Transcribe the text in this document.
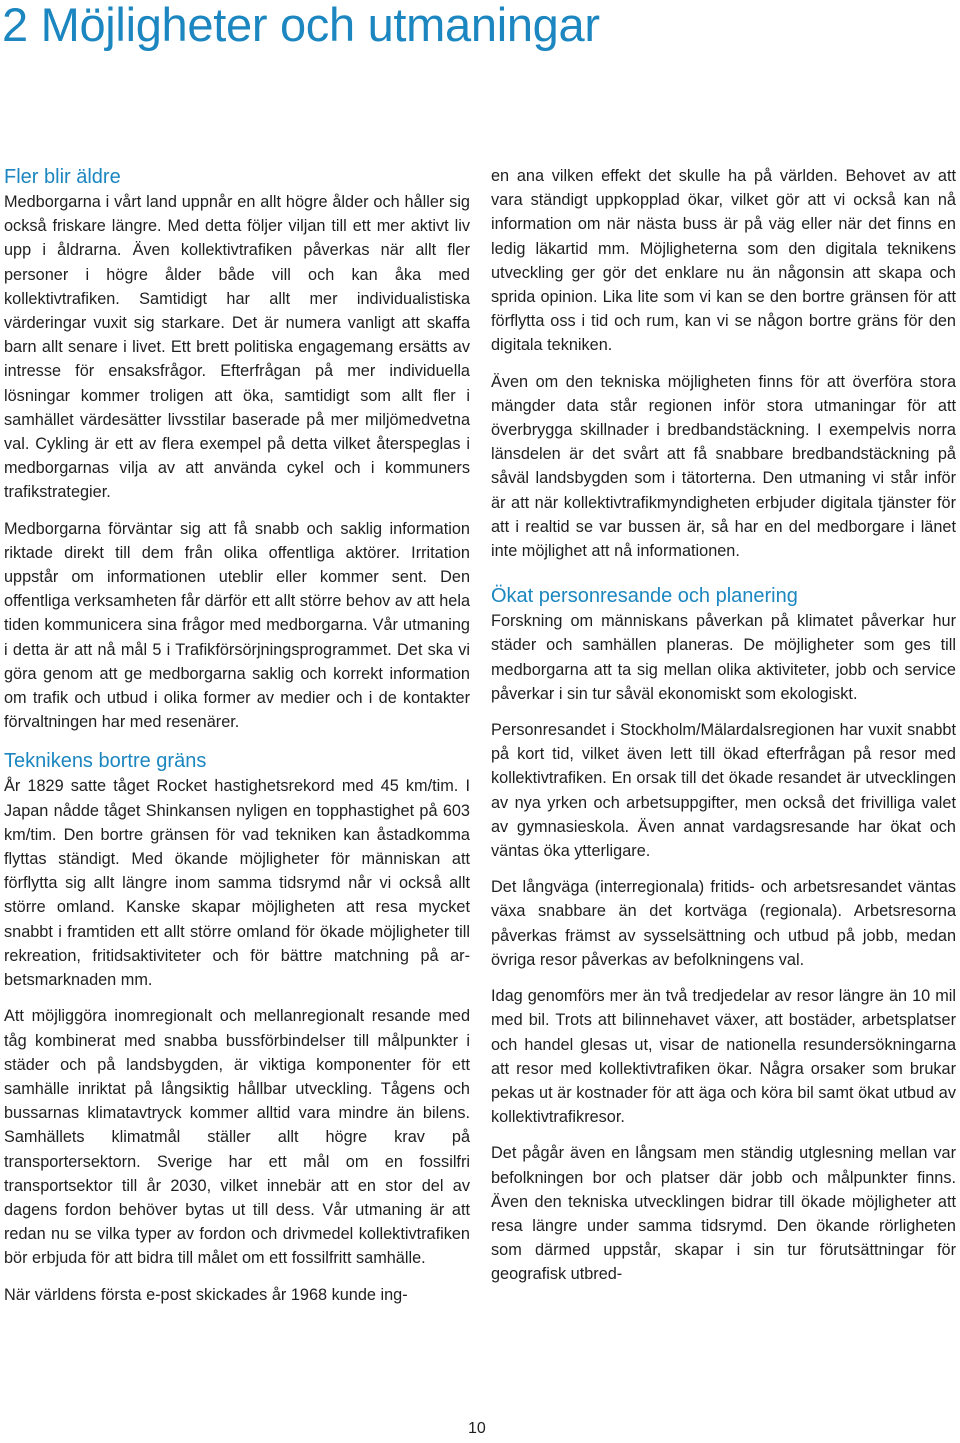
2 Möjligheter och utmaningar
Fler blir äldre

Medborgarna i vårt land uppnår en allt högre ålder och håller sig också friskare längre. Med detta följer viljan till ett mer aktivt liv upp i åldrarna. Även kollektivtrafiken påverkas när allt fler personer i högre ålder både vill och kan åka med kollektivtrafiken. Samtidigt har allt mer individualistiska värderingar vuxit sig starkare. Det är numera vanligt att skaffa barn allt senare i livet. Ett brett politiska engagemang ersätts av intresse för ensaksfrågor. Efterfrågan på mer individuella lösningar kommer troligen att öka, samtidigt som allt fler i samhället värdesätter livsstilar baserade på mer miljömedvetna val. Cykling är ett av flera exempel på detta vilket återspeglas i medborgarnas vilja av att använda cykel och i kommuners trafikstrategier.

Medborgarna förväntar sig att få snabb och saklig information riktade direkt till dem från olika offentliga aktörer. Irritation uppstår om informationen uteblir eller kommer sent. Den offentliga verksamheten får därför ett allt större behov av att hela tiden kommunicera sina frågor med medborgarna. Vår utmaning i detta är att nå mål 5 i Trafikförsörjningsprogrammet. Det ska vi göra genom att ge medborgarna saklig och korrekt information om trafik och utbud i olika former av medier och i de kontakter förvaltningen har med resenärer.

Teknikens bortre gräns

År 1829 satte tåget Rocket hastighetsrekord med 45 km/tim. I Japan nådde tåget Shinkansen nyligen en topphastighet på 603 km/tim. Den bortre gränsen för vad tekniken kan åstadkomma flyttas ständigt. Med ökande möjligheter för människan att förflytta sig allt längre inom samma tidsrymd når vi också allt större omland. Kanske skapar möjligheten att resa mycket snabbt i framtiden ett allt större omland för ökade möjligheter till rekreation, fritidsaktiviteter och för bättre matchning på arbetsmarknaden mm.

Att möjliggöra inomregionalt och mellanregionalt resande med tåg kombinerat med snabba bussförbindelser till målpunkter i städer och på landsbygden, är viktiga komponenter för ett samhälle inriktat på långsiktig hållbar utveckling. Tågens och bussarnas klimatavtryck kommer alltid vara mindre än bilens. Samhällets klimatmål ställer allt högre krav på transportersektorn. Sverige har ett mål om en fossilfri transportsektor till år 2030, vilket innebär att en stor del av dagens fordon behöver bytas ut till dess. Vår utmaning är att redan nu se vilka typer av fordon och drivmedel kollektivtrafiken bör erbjuda för att bidra till målet om ett fossilfritt samhälle.

När världens första e-post skickades år 1968 kunde ing-

en ana vilken effekt det skulle ha på världen. Behovet av att vara ständigt uppkopplad ökar, vilket gör att vi också kan nå information om när nästa buss är på väg eller när det finns en ledig läkartid mm. Möjligheterna som den digitala teknikens utveckling ger gör det enklare nu än någonsin att skapa och sprida opinion. Lika lite som vi kan se den bortre gränsen för att förflytta oss i tid och rum, kan vi se någon bortre gräns för den digitala tekniken.

Även om den tekniska möjligheten finns för att överföra stora mängder data står regionen inför stora utmaningar för att överbrygga skillnader i bredbandstäckning. I exempelvis norra länsdelen är det svårt att få snabbare bredbandstäckning på såväl landsbygden som i tätorterna. Den utmaning vi står inför är att när kollektivtrafikmyndigheten erbjuder digitala tjänster för att i realtid se var bussen är, så har en del medborgare i länet inte möjlighet att nå informationen.

Ökat personresande och planering

Forskning om människans påverkan på klimatet påverkar hur städer och samhällen planeras. De möjligheter som ges till medborgarna att ta sig mellan olika aktiviteter, jobb och service påverkar i sin tur såväl ekonomiskt som ekologiskt.

Personresandet i Stockholm/Mälardalsregionen har vuxit snabbt på kort tid, vilket även lett till ökad efterfrågan på resor med kollektivtrafiken. En orsak till det ökade resandet är utvecklingen av nya yrken och arbetsuppgifter, men också det frivilliga valet av gymnasieskola. Även annat vardagsresande har ökat och väntas öka ytterligare.

Det långväga (interregionala) fritids- och arbetsresandet väntas växa snabbare än det kortväga (regionala). Arbetsresorna påverkas främst av sysselsättning och utbud på jobb, medan övriga resor påverkas av befolkningens val.

Idag genomförs mer än två tredjedelar av resor längre än 10 mil med bil. Trots att bilinnehavet växer, att bostäder, arbetsplatser och handel glesas ut, visar de nationella resundersökningarna att resor med kollektivtrafiken ökar. Några orsaker som brukar pekas ut är kostnader för att äga och köra bil samt ökat utbud av kollektivtrafikresor.

Det pågår även en långsam men ständig utglesning mellan var befolkningen bor och platser där jobb och målpunkter finns. Även den tekniska utvecklingen bidrar till ökade möjligheter att resa längre under samma tidsrymd. Den ökande rörligheten som därmed uppstår, skapar i sin tur förutsättningar för geografisk utbred-

10
